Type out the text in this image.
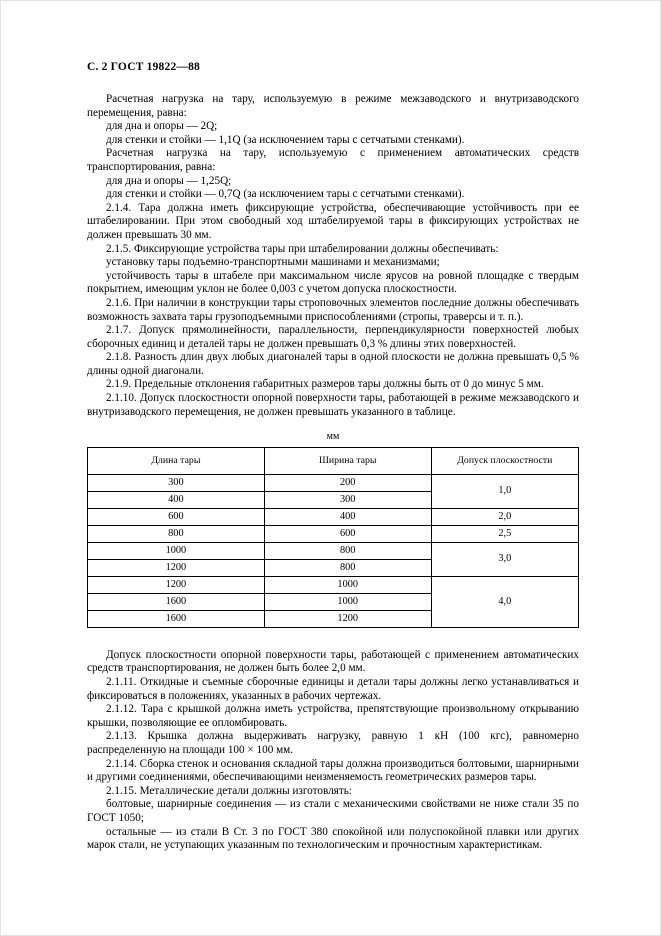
С. 2 ГОСТ 19822—88

Расчетная нагрузка на тару, используемую в режиме межзаводского и внутризаводского перемещения, равна:

для дна и опоры — 2Q;

для стенки и стойки — 1,1Q (за исключением тары с сетчатыми стенками).

Расчетная нагрузка на тару, используемую с применением автоматических средств транспортирования, равна:

для дна и опоры — 1,25Q;

для стенки и стойки — 0,7Q (за исключением тары с сетчатыми стенками).

2.1.4. Тара должна иметь фиксирующие устройства, обеспечивающие устойчивость при ее штабелировании. При этом свободный ход штабелируемой тары в фиксирующих устройствах не должен превышать 30 мм.

2.1.5. Фиксирующие устройства тары при штабелировании должны обеспечивать:

установку тары подъемно-транспортными машинами и механизмами;

устойчивость тары в штабеле при максимальном числе ярусов на ровной площадке с твердым покрытием, имеющим уклон не более 0,003 с учетом допуска плоскостности.

2.1.6. При наличии в конструкции тары строповочных элементов последние должны обеспечивать возможность захвата тары грузоподъемными приспособлениями (стропы, траверсы и т. п.).

2.1.7. Допуск прямолинейности, параллельности, перпендикулярности поверхностей любых сборочных единиц и деталей тары не должен превышать 0,3 % длины этих поверхностей.

2.1.8. Разность длин двух любых диагоналей тары в одной плоскости не должна превышать 0,5 % длины одной диагонали.

2.1.9. Предельные отклонения габаритных размеров тары должны быть от 0 до минус 5 мм.

2.1.10. Допуск плоскостности опорной поверхности тары, работающей в режиме межзаводского и внутризаводского перемещения, не должен превышать указанного в таблице.

мм
Длина тары	Ширина тары	Допуск плоскостности
300	200	1,0
400	300	
600	400	2,0
800	600	2,5
1000	800	3,0
1200	800	
1200	1000	4,0
1600	1000	
1600	1200	

Допуск плоскостности опорной поверхности тары, работающей с применением автоматических средств транспортирования, не должен быть более 2,0 мм.

2.1.11. Откидные и съемные сборочные единицы и детали тары должны легко устанавливаться и фиксироваться в положениях, указанных в рабочих чертежах.

2.1.12. Тара с крышкой должна иметь устройства, препятствующие произвольному открыванию крышки, позволяющие ее опломбировать.

2.1.13. Крышка должна выдерживать нагрузку, равную 1 кН (100 кгс), равномерно распределенную на площади 100 × 100 мм.

2.1.14. Сборка стенок и основания складной тары должна производиться болтовыми, шарнирными и другими соединениями, обеспечивающими неизменяемость геометрических размеров тары.

2.1.15. Металлические детали должны изготовлять:

болтовые, шарнирные соединения — из стали с механическими свойствами не ниже стали 35 по ГОСТ 1050;

остальные — из стали В Ст. 3 по ГОСТ 380 спокойной или полуспокойной плавки или других марок стали, не уступающих указанным по технологическим и прочностным характеристикам.
